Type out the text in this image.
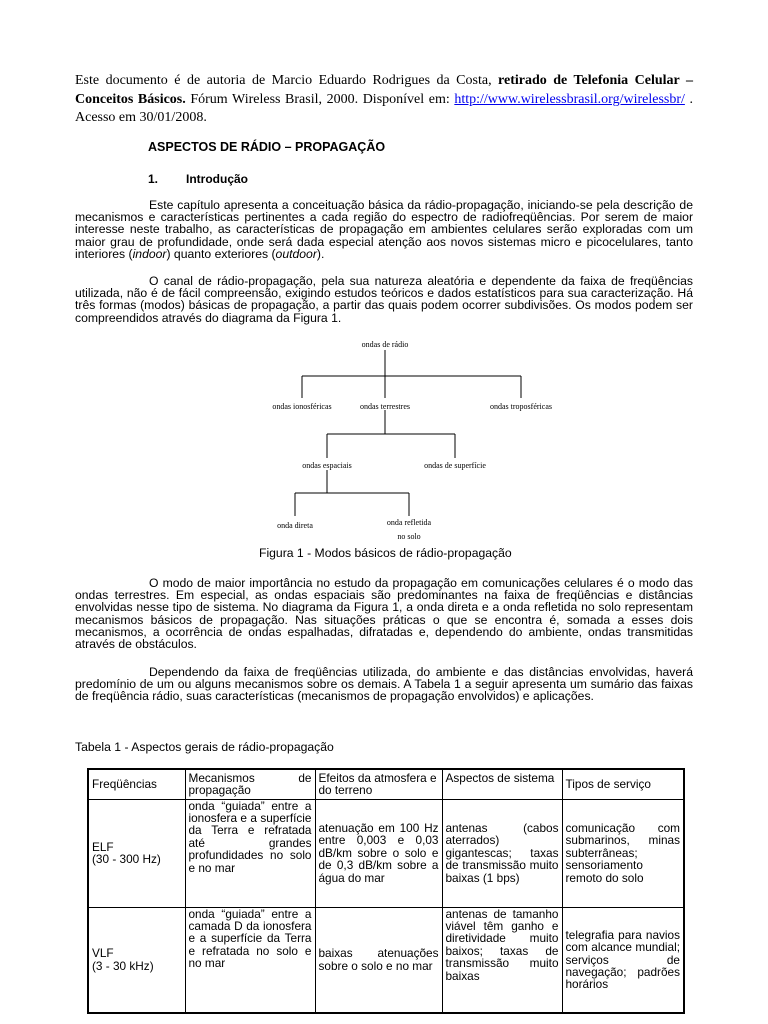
Este documento é de autoria de Marcio Eduardo Rodrigues da Costa, retirado de Telefonia Celular – Conceitos Básicos. Fórum Wireless Brasil, 2000. Disponível em: http://www.wirelessbrasil.org/wirelessbr/ . Acesso em 30/01/2008.
ASPECTOS DE RÁDIO – PROPAGAÇÃO
1. Introdução

Este capítulo apresenta a conceituação básica da rádio-propagação, iniciando-se pela descrição de mecanismos e características pertinentes a cada região do espectro de radiofreqüências. Por serem de maior interesse neste trabalho, as características de propagação em ambientes celulares serão exploradas com um maior grau de profundidade, onde será dada especial atenção aos novos sistemas micro e picocelulares, tanto interiores (indoor) quanto exteriores (outdoor).

O canal de rádio-propagação, pela sua natureza aleatória e dependente da faixa de freqüências utilizada, não é de fácil compreensão, exigindo estudos teóricos e dados estatísticos para sua caracterização. Há três formas (modos) básicas de propagação, a partir das quais podem ocorrer subdivisões. Os modos podem ser compreendidos através do diagrama da Figura 1.

ondas de rádio
ondas ionosféricas	ondas terrestres	ondas troposféricas
ondas espaciais	ondas de superfície
onda direta	onda refletida
no solo
Figura 1 - Modos básicos de rádio-propagação

O modo de maior importância no estudo da propagação em comunicações celulares é o modo das ondas terrestres. Em especial, as ondas espaciais são predominantes na faixa de freqüências e distâncias envolvidas nesse tipo de sistema. No diagrama da Figura 1, a onda direta e a onda refletida no solo representam mecanismos básicos de propagação. Nas situações práticas o que se encontra é, somada a esses dois mecanismos, a ocorrência de ondas espalhadas, difratadas e, dependendo do ambiente, ondas transmitidas através de obstáculos.

Dependendo da faixa de freqüências utilizada, do ambiente e das distâncias envolvidas, haverá predomínio de um ou alguns mecanismos sobre os demais. A Tabela 1 a seguir apresenta um sumário das faixas de freqüência rádio, suas características (mecanismos de propagação envolvidos) e aplicações.

Tabela 1 - Aspectos gerais de rádio-propagação
Freqüências	Mecanismos de propagação	Efeitos da atmosfera e do terreno	Aspectos de sistema	Tipos de serviço

ELF
(30 - 300 Hz)	onda “guiada” entre a ionosfera e a superfície da Terra e refratada até grandes profundidades no solo e no mar	atenuação em 100 Hz entre 0,003 e 0,03 dB/km sobre o solo e de 0,3 dB/km sobre a água do mar	antenas (cabos aterrados) gigantescas; taxas de transmissão muito baixas (1 bps)	comunicação com submarinos, minas subterrâneas; sensoriamento remoto do solo

VLF
(3 - 30 kHz)	onda “guiada” entre a camada D da ionosfera e a superfície da Terra e refratada no solo e no mar	baixas atenuações sobre o solo e no mar	antenas de tamanho viável têm ganho e diretividade muito baixos; taxas de transmissão muito baixas	telegrafia para navios com alcance mundial; serviços de navegação; padrões horários
